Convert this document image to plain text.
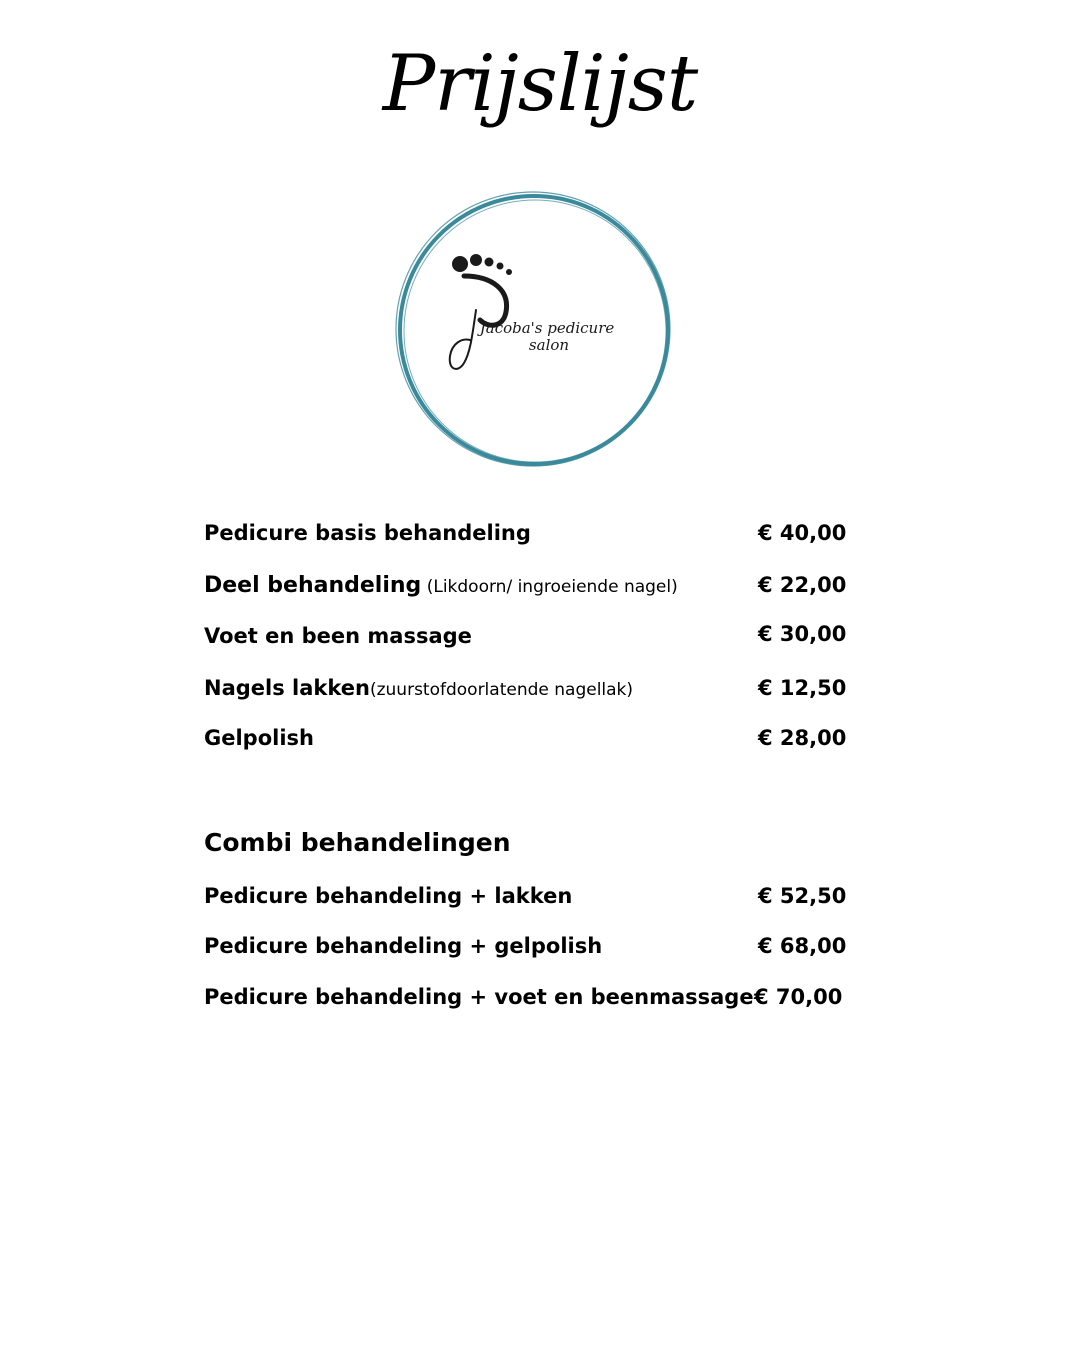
Prijslijst
Jacoba's pedicure
salon
Pedicure basis behandeling	€ 40,00
Deel behandeling (Likdoorn/ ingroeiende nagel)	€ 22,00
Voet en been massage	€ 30,00
Nagels lakken(zuurstofdoorlatende nagellak)	€ 12,50
Gelpolish	€ 28,00
Combi behandelingen
Pedicure behandeling + lakken	€ 52,50
Pedicure behandeling + gelpolish	€ 68,00
Pedicure behandeling + voet en beenmassage € 70,00
